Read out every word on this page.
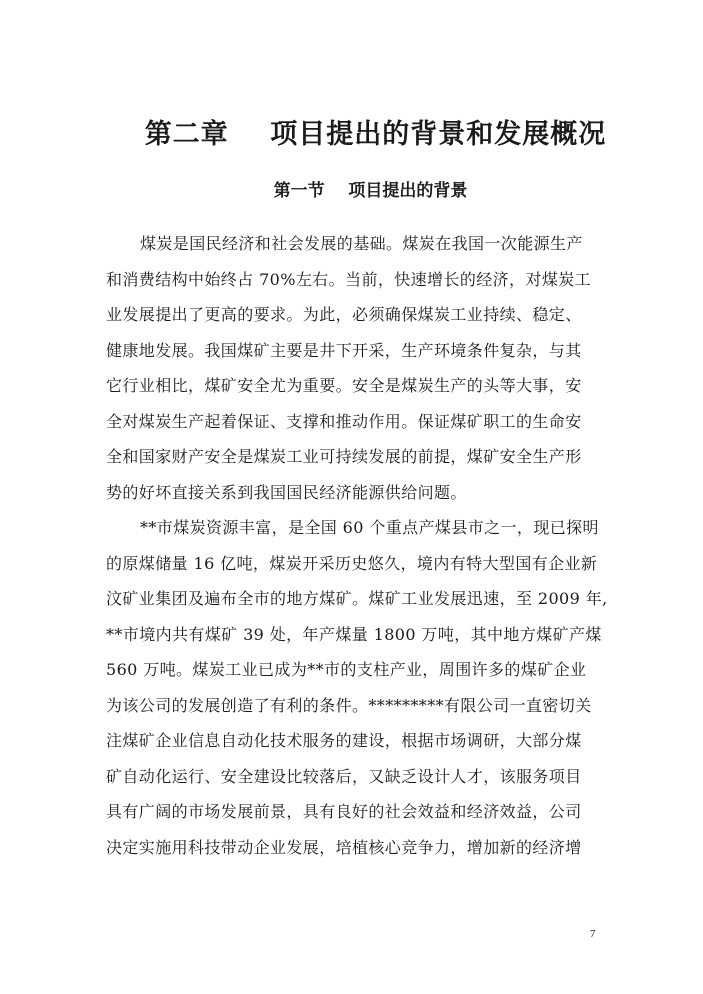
第二章    项目提出的背景和发展概况
第一节    项目提出的背景
煤炭是国民经济和社会发展的基础。煤炭在我国一次能源生产
和消费结构中始终占 70%左右。当前，快速增长的经济，对煤炭工
业发展提出了更高的要求。为此，必须确保煤炭工业持续、稳定、
健康地发展。我国煤矿主要是井下开采，生产环境条件复杂，与其
它行业相比，煤矿安全尤为重要。安全是煤炭生产的头等大事，安
全对煤炭生产起着保证、支撑和推动作用。保证煤矿职工的生命安
全和国家财产安全是煤炭工业可持续发展的前提，煤矿安全生产形
势的好坏直接关系到我国国民经济能源供给问题。
**市煤炭资源丰富，是全国 60 个重点产煤县市之一，现已探明
的原煤储量 16 亿吨，煤炭开采历史悠久，境内有特大型国有企业新
汶矿业集团及遍布全市的地方煤矿。煤矿工业发展迅速，至 2009 年,
**市境内共有煤矿 39 处，年产煤量 1800 万吨，其中地方煤矿产煤
560 万吨。煤炭工业已成为**市的支柱产业，周围许多的煤矿企业
为该公司的发展创造了有利的条件。*********有限公司一直密切关
注煤矿企业信息自动化技术服务的建设，根据市场调研，大部分煤
矿自动化运行、安全建设比较落后，又缺乏设计人才，该服务项目
具有广阔的市场发展前景，具有良好的社会效益和经济效益，公司
决定实施用科技带动企业发展，培植核心竞争力，增加新的经济增
7
